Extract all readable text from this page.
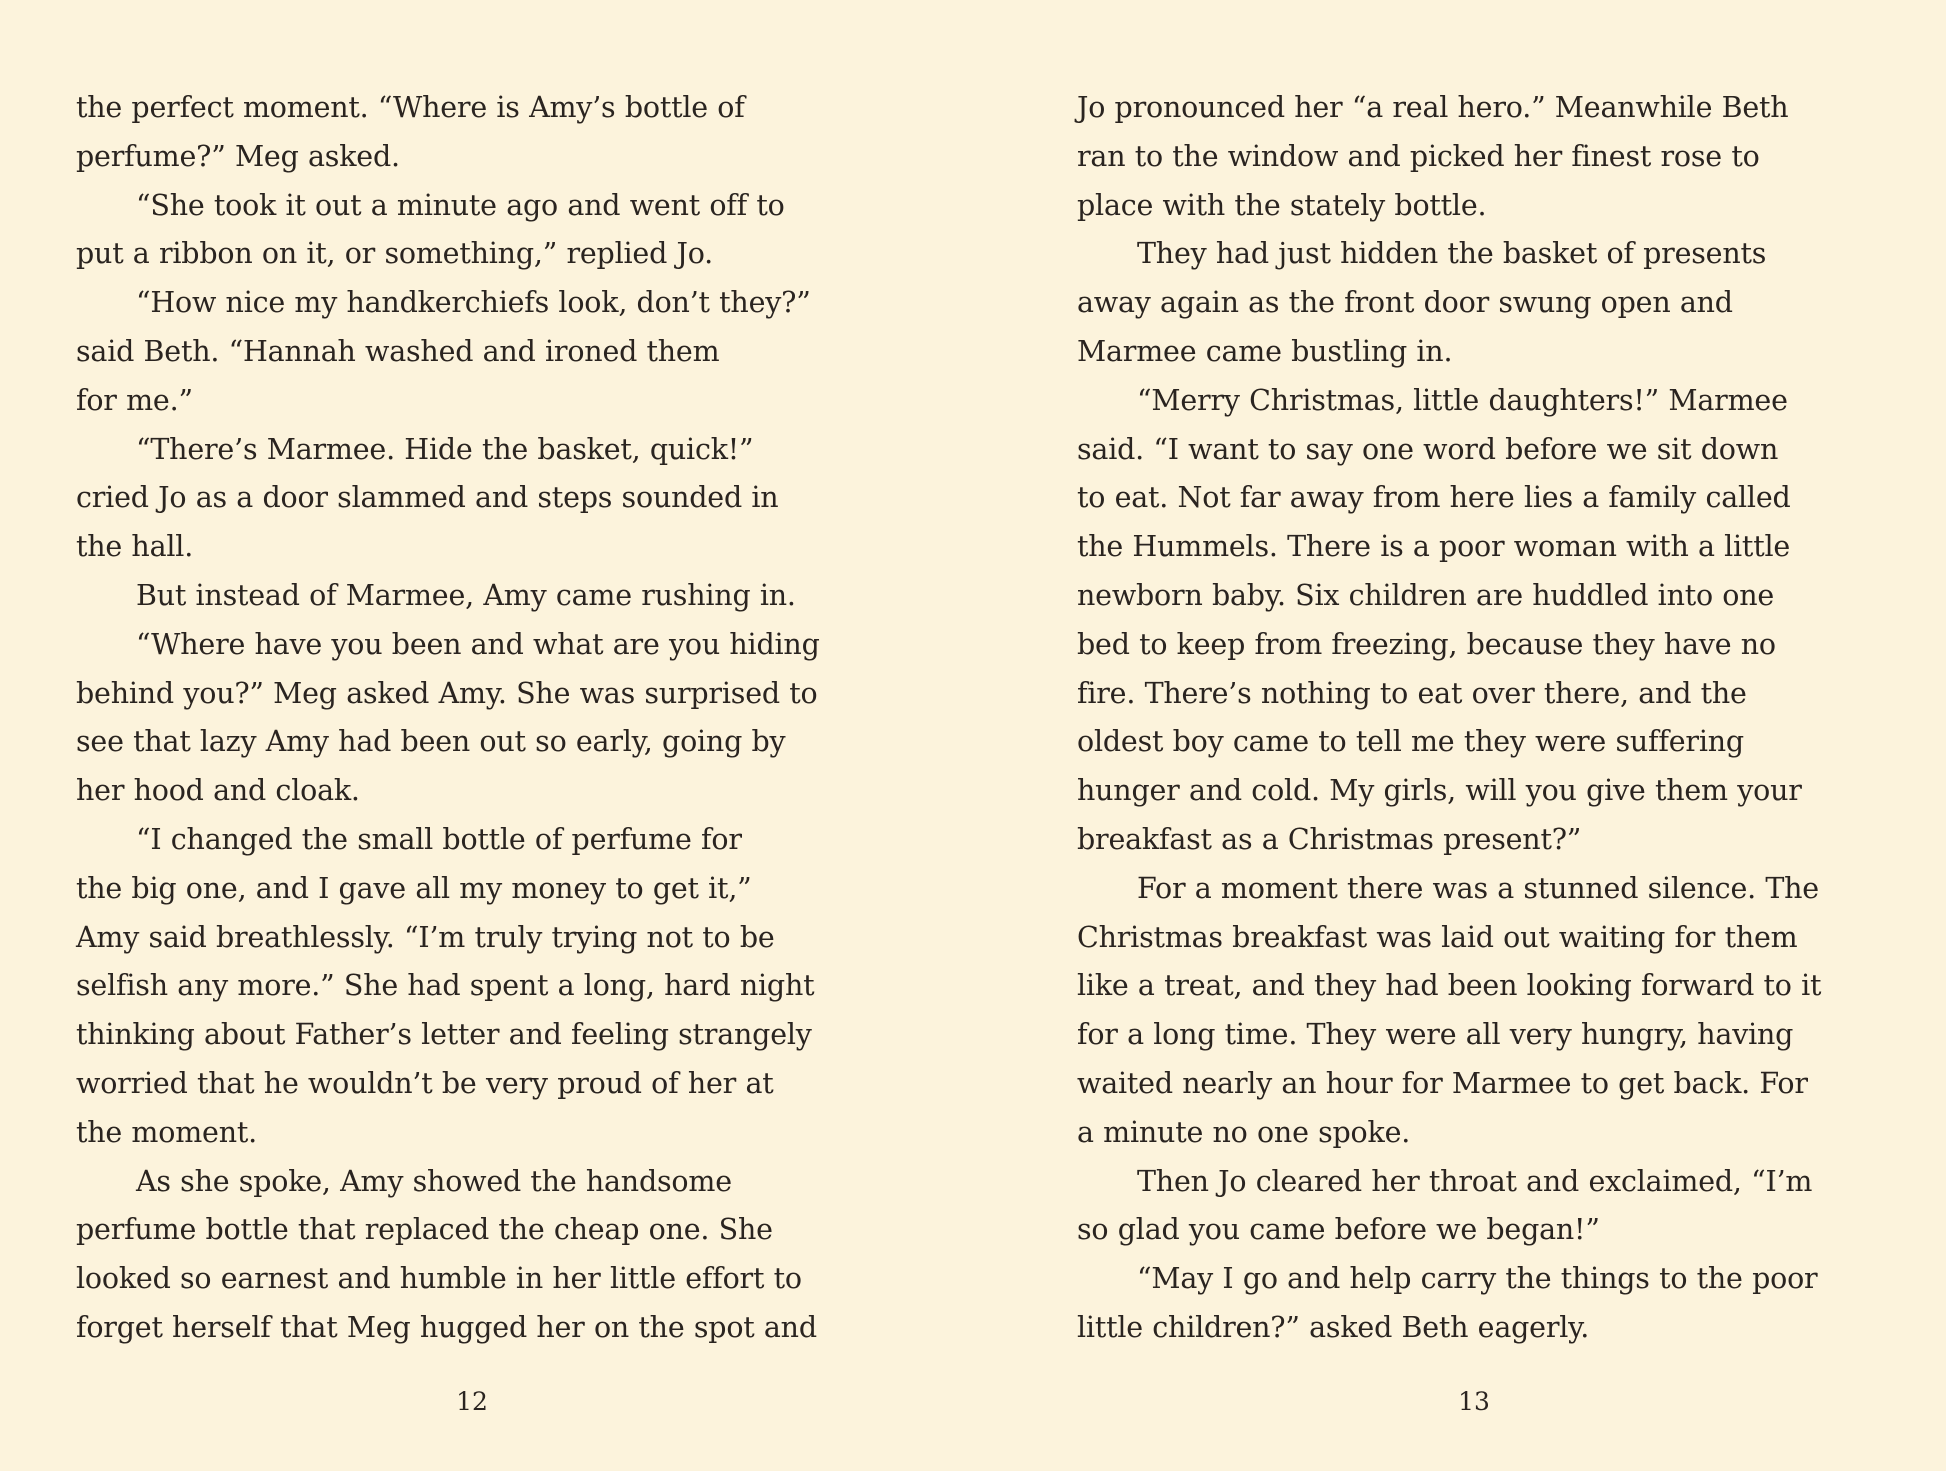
the perfect moment. “Where is Amy’s bottle of
perfume?” Meg asked.
“She took it out a minute ago and went off to
put a ribbon on it, or something,” replied Jo.
“How nice my handkerchiefs look, don’t they?”
said Beth. “Hannah washed and ironed them
for me.”
“There’s Marmee. Hide the basket, quick!”
cried Jo as a door slammed and steps sounded in
the hall.
But instead of Marmee, Amy came rushing in.
“Where have you been and what are you hiding
behind you?” Meg asked Amy. She was surprised to
see that lazy Amy had been out so early, going by
her hood and cloak.
“I changed the small bottle of perfume for
the big one, and I gave all my money to get it,”
Amy said breathlessly. “I’m truly trying not to be
selfish any more.” She had spent a long, hard night
thinking about Father’s letter and feeling strangely
worried that he wouldn’t be very proud of her at
the moment.
As she spoke, Amy showed the handsome
perfume bottle that replaced the cheap one. She
looked so earnest and humble in her little effort to
forget herself that Meg hugged her on the spot and
12
Jo pronounced her “a real hero.” Meanwhile Beth
ran to the window and picked her finest rose to
place with the stately bottle.
They had just hidden the basket of presents
away again as the front door swung open and
Marmee came bustling in.
“Merry Christmas, little daughters!” Marmee
said. “I want to say one word before we sit down
to eat. Not far away from here lies a family called
the Hummels. There is a poor woman with a little
newborn baby. Six children are huddled into one
bed to keep from freezing, because they have no
fire. There’s nothing to eat over there, and the
oldest boy came to tell me they were suffering
hunger and cold. My girls, will you give them your
breakfast as a Christmas present?”
For a moment there was a stunned silence. The
Christmas breakfast was laid out waiting for them
like a treat, and they had been looking forward to it
for a long time. They were all very hungry, having
waited nearly an hour for Marmee to get back. For
a minute no one spoke.
Then Jo cleared her throat and exclaimed, “I’m
so glad you came before we began!”
“May I go and help carry the things to the poor
little children?” asked Beth eagerly.
13
